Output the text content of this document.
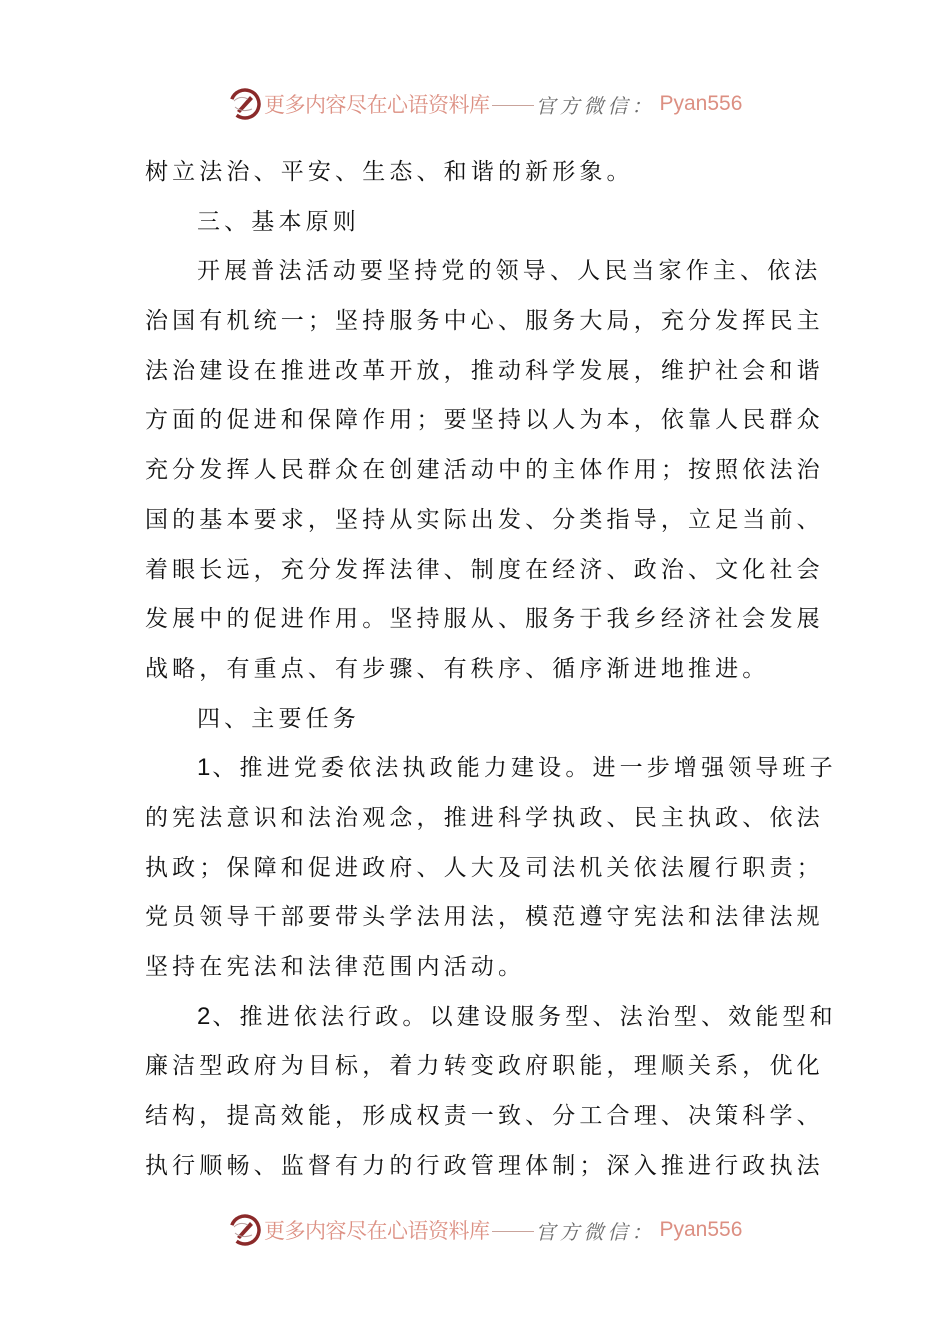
更多内容尽在心语资料库 官方微信： Pyan556
树立法治、平安、生态、和谐的新形象。
三、基本原则
开展普法活动要坚持党的领导、人民当家作主、依法
治国有机统一；坚持服务中心、服务大局，充分发挥民主
法治建设在推进改革开放，推动科学发展，维护社会和谐
方面的促进和保障作用；要坚持以人为本，依靠人民群众
充分发挥人民群众在创建活动中的主体作用；按照依法治
国的基本要求，坚持从实际出发、分类指导，立足当前、
着眼长远，充分发挥法律、制度在经济、政治、文化社会
发展中的促进作用。坚持服从、服务于我乡经济社会发展
战略，有重点、有步骤、有秩序、循序渐进地推进。
四、主要任务
1、推进党委依法执政能力建设。进一步增强领导班子
的宪法意识和法治观念，推进科学执政、民主执政、依法
执政；保障和促进政府、人大及司法机关依法履行职责；
党员领导干部要带头学法用法，模范遵守宪法和法律法规
坚持在宪法和法律范围内活动。
2、推进依法行政。以建设服务型、法治型、效能型和
廉洁型政府为目标，着力转变政府职能，理顺关系，优化
结构，提高效能，形成权责一致、分工合理、决策科学、
执行顺畅、监督有力的行政管理体制；深入推进行政执法
更多内容尽在心语资料库 官方微信： Pyan556
